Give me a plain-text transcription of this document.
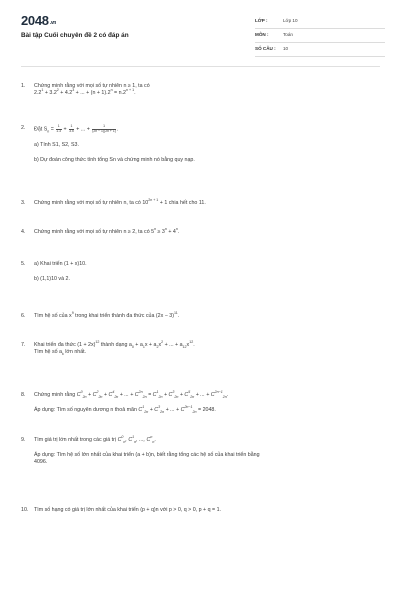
2048.vn
Bài tập Cuối chuyên đề 2 có đáp án
LỚP :	Lớp 10
MÔN :	Toán
SỐ CÂU : 10
1.	Chứng minh rằng với mọi số tự nhiên n ≥ 1, ta có
$2.2^1 + 3.2^2 + 4.2^3$ + ... + $(n + 1).2^n = n.2^{n + 1}$.
2.	Đặt $S_n = \frac{1}{1.3} + \frac{1}{3.5}$ + ... + $\frac{1}{(2n - 1)(2n + 1)}$ .
a) Tính S1, S2, S3.
b) Dự đoán công thức tính tổng Sn và chứng minh nó bằng quy nạp.
3.	Chứng minh rằng với mọi số tự nhiên n, ta có $10^{2n + 1} + 1$ chia hết cho 11.
4.	Chứng minh rằng với mọi số tự nhiên n ≥ 2, ta có $5^n \ge 3^n + 4^n$.
5.	a) Khai triển (1 + x)10.
b) (1,1)10 và 2.
6.	Tìm hệ số của $x^9$ trong khai triển thành đa thức của $(2x - 3)^{11}$.
7.	Khai triển đa thức $(1 + 2x)^{12}$ thành dạng $a_0 + a_1x + a_2x^2$ + ... + $a_{12}x^{12}$.
Tìm hệ số $a_k$ lớn nhất.
8.	Chứng minh rằng $C^0_{2n} + C^2_{2n} + C^4_{2n}$ + ... + $C^{2n}_{2n} = C^1_{2n} + C^3_{2n} + C^5_{2n}$ + ... + $C^{2n-1}_{2n}$.
Áp dụng: Tìm số nguyên dương n thoả mãn $C^1_{2n} + C^3_{2n}$ + ... + $C^{2n-1}_{2n} = 2048$.
9.	Tìm giá trị lớn nhất trong các giá trị $C^0_n$, $C^1_n$, ..., $C^n_n$.
Áp dụng: Tìm hệ số lớn nhất của khai triển (a + b)n, biết rằng tổng các hệ số của khai triển bằng
4096.
10.	Tìm số hạng có giá trị lớn nhất của khai triển (p + q)n với p > 0, q > 0, p + q = 1.
